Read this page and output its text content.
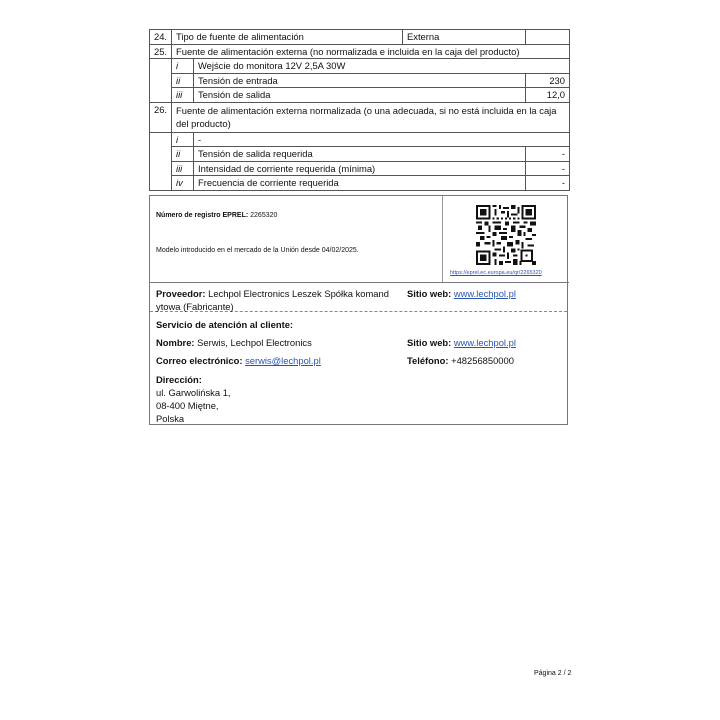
24.	Tipo de fuente de alimentación		Externa		
25.	Fuente de alimentación externa (no normalizada e incluida en la caja del producto)				
	i	Wejście do monitora 12V 2,5A 30W			
	ii	Tensión de entrada		230	
	iii	Tensión de salida		12,0	
26.	Fuente de alimentación externa normalizada (o una adecuada, si no está incluida en la caja del producto)				
	i	-			
	ii	Tensión de salida requerida		-	
	iii	Intensidad de corriente requerida (mínima)		-	
	iv	Frecuencia de corriente requerida		-	
Número de registro EPREL: 2265320
Modelo introducido en el mercado de la Unión desde 04/02/2025.
https://eprel.ec.europa.eu/qr/2265320
Proveedor: Lechpol Electronics Leszek Spółka komand
ytowa (Fabricante)
Sitio web: www.lechpol.pl
Servicio de atención al cliente:
Nombre: Serwis, Lechpol Electronics	Sitio web: www.lechpol.pl
Correo electrónico: serwis@lechpol.pl	Teléfono: +48256850000
Dirección:
ul. Garwolińska 1,
08-400 Miętne,
Polska
Página 2 / 2
